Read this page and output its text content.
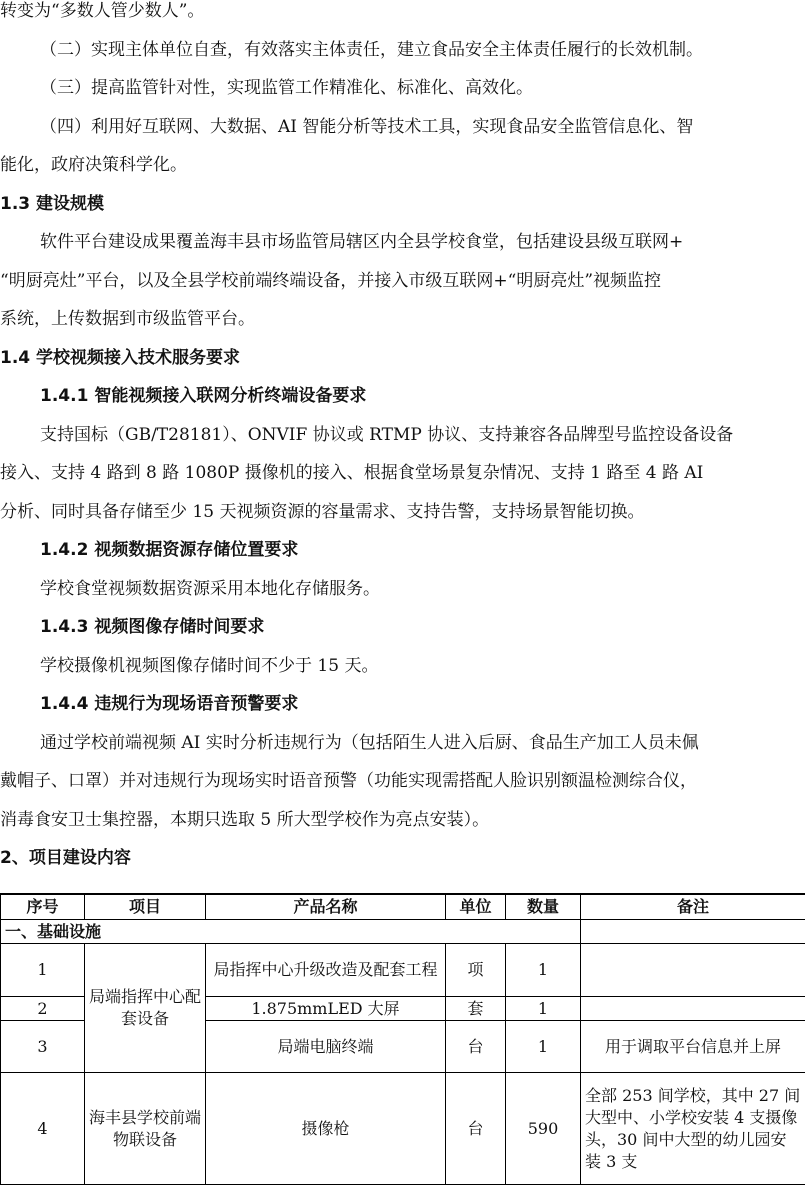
转变为“多数人管少数人”。
（二）实现主体单位自查，有效落实主体责任，建立食品安全主体责任履行的长效机制。
（三）提高监管针对性，实现监管工作精准化、标准化、高效化。
（四）利用好互联网、大数据、AI 智能分析等技术工具，实现食品安全监管信息化、智
能化，政府决策科学化。
1.3 建设规模
软件平台建设成果覆盖海丰县市场监管局辖区内全县学校食堂，包括建设县级互联网+
“明厨亮灶”平台，以及全县学校前端终端设备，并接入市级互联网+“明厨亮灶”视频监控
系统，上传数据到市级监管平台。
1.4 学校视频接入技术服务要求
1.4.1 智能视频接入联网分析终端设备要求
支持国标（GB/T28181）、ONVIF 协议或 RTMP 协议、支持兼容各品牌型号监控设备设备
接入、支持 4 路到 8 路 1080P 摄像机的接入、根据食堂场景复杂情况、支持 1 路至 4 路 AI
分析、同时具备存储至少 15 天视频资源的容量需求、支持告警，支持场景智能切换。
1.4.2 视频数据资源存储位置要求
学校食堂视频数据资源采用本地化存储服务。
1.4.3 视频图像存储时间要求
学校摄像机视频图像存储时间不少于 15 天。
1.4.4 违规行为现场语音预警要求
通过学校前端视频 AI 实时分析违规行为（包括陌生人进入后厨、食品生产加工人员未佩
戴帽子、口罩）并对违规行为现场实时语音预警（功能实现需搭配人脸识别额温检测综合仪，
消毒食安卫士集控器，本期只选取 5 所大型学校作为亮点安装）。
2、项目建设内容
序号	项目	产品名称	单位	数量	备注
一、基础设施					
1	局端指挥中心配套设备	局指挥中心升级改造及配套工程	项	1	
2		1.875mmLED 大屏	套	1	
3		局端电脑终端	台	1	用于调取平台信息并上屏
4	海丰县学校前端物联设备	摄像枪	台	590	全部 253 间学校，其中 27 间大型中、小学校安装 4 支摄像头，30 间中大型的幼儿园安装 3 支
